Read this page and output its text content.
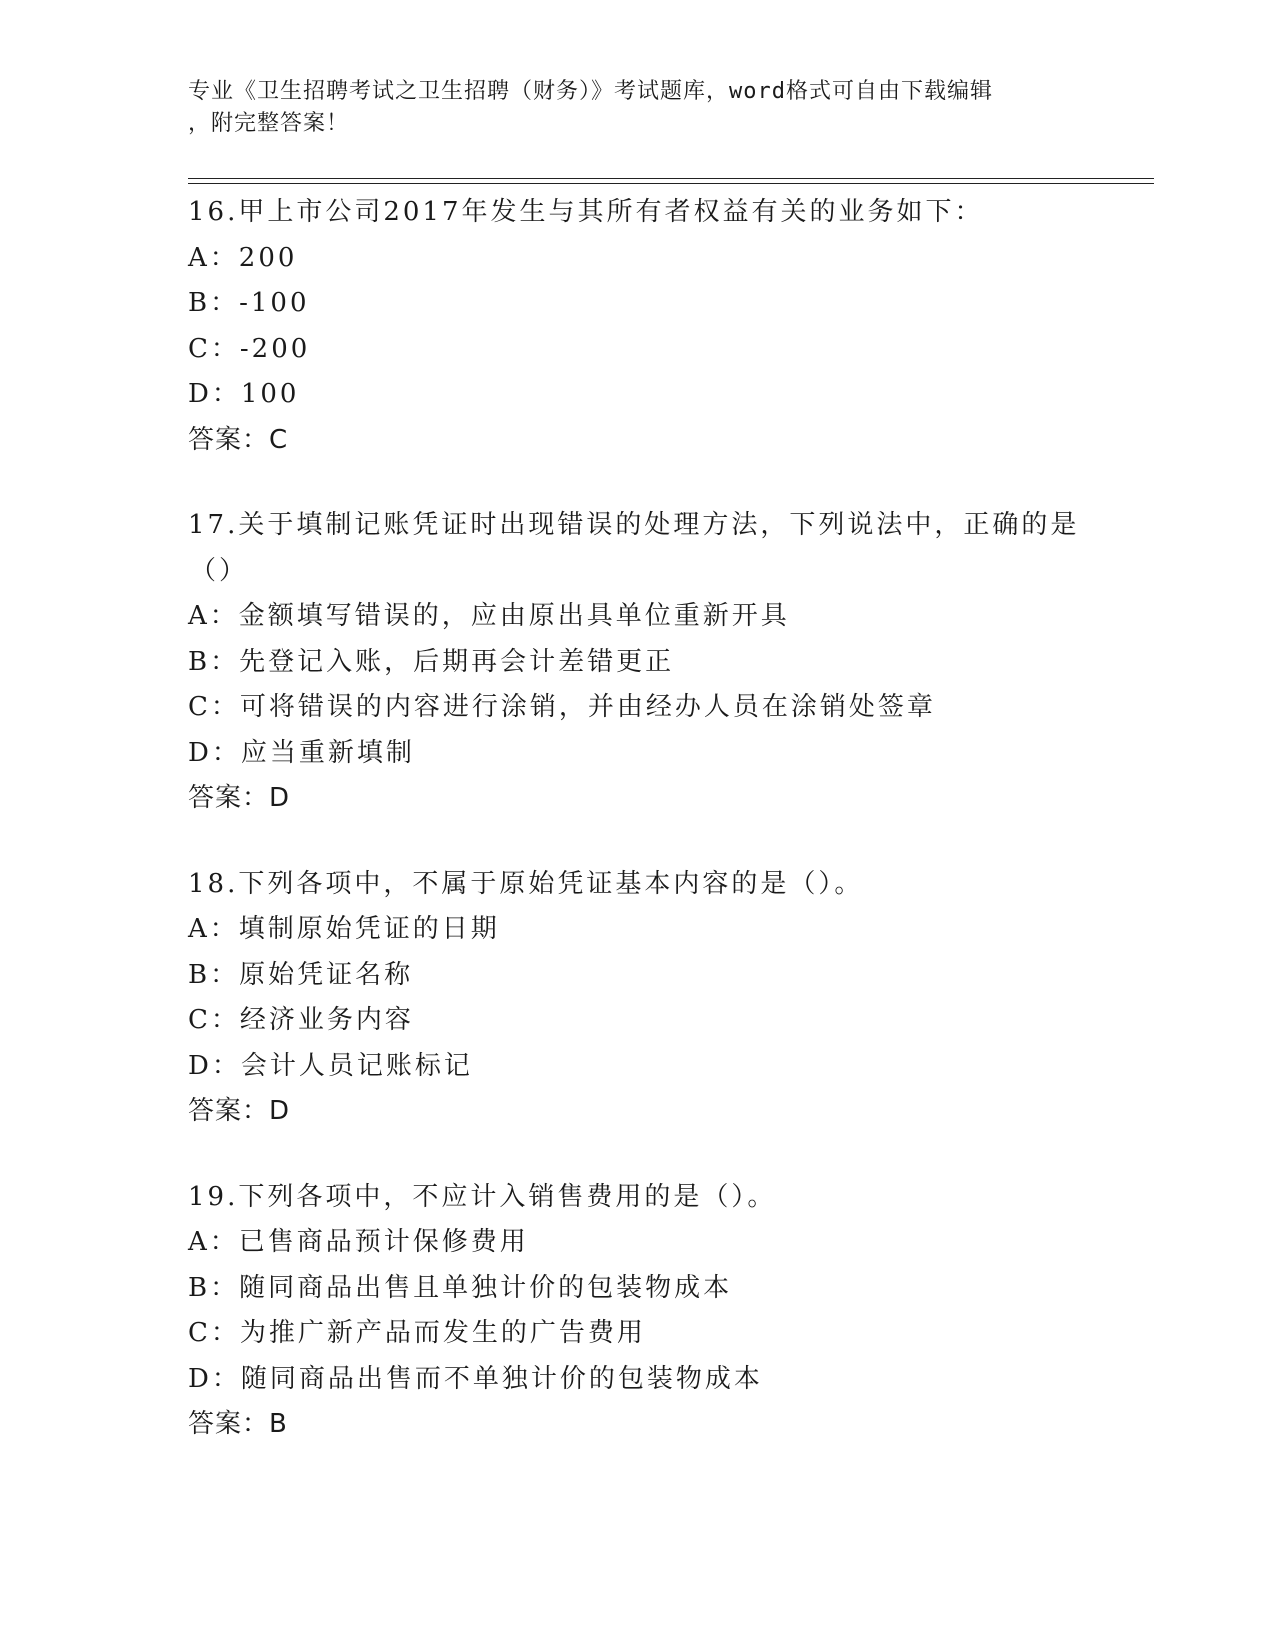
专业《卫生招聘考试之卫生招聘（财务）》考试题库，word格式可自由下载编辑
，附完整答案！
16.甲上市公司2017年发生与其所有者权益有关的业务如下：
A：200
B：-100
C：-200
D：100
答案：C
17.关于填制记账凭证时出现错误的处理方法，下列说法中，正确的是
（）
A：金额填写错误的，应由原出具单位重新开具
B：先登记入账，后期再会计差错更正
C：可将错误的内容进行涂销，并由经办人员在涂销处签章
D：应当重新填制
答案：D
18.下列各项中，不属于原始凭证基本内容的是（）。
A：填制原始凭证的日期
B：原始凭证名称
C：经济业务内容
D：会计人员记账标记
答案：D
19.下列各项中，不应计入销售费用的是（）。
A：已售商品预计保修费用
B：随同商品出售且单独计价的包装物成本
C：为推广新产品而发生的广告费用
D：随同商品出售而不单独计价的包装物成本
答案：B
